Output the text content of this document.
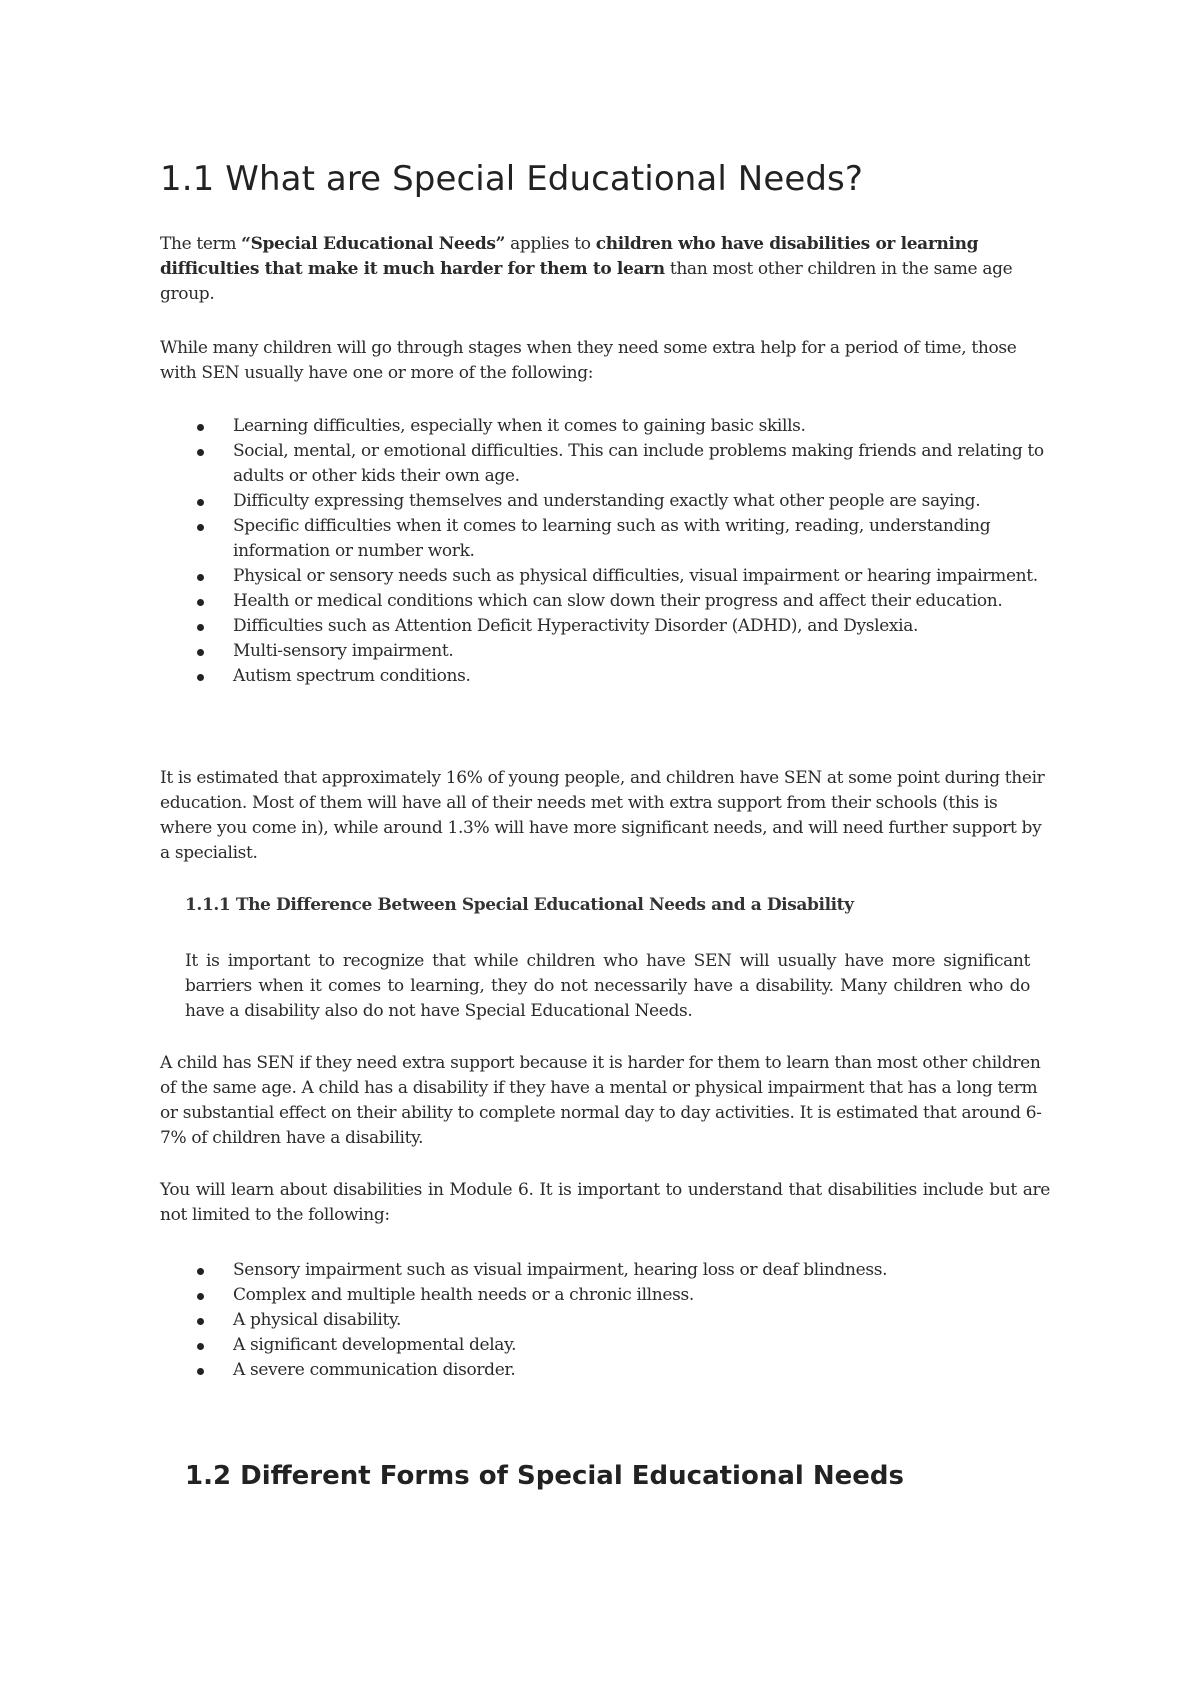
1.1 What are Special Educational Needs?

The term “Special Educational Needs” applies to children who have disabilities or learning difficulties that make it much harder for them to learn than most other children in the same age group.

While many children will go through stages when they need some extra help for a period of time, those with SEN usually have one or more of the following:

Learning difficulties, especially when it comes to gaining basic skills.
Social, mental, or emotional difficulties. This can include problems making friends and relating to adults or other kids their own age.
Difficulty expressing themselves and understanding exactly what other people are saying.
Specific difficulties when it comes to learning such as with writing, reading, understanding information or number work.
Physical or sensory needs such as physical difficulties, visual impairment or hearing impairment.
Health or medical conditions which can slow down their progress and affect their education.
Difficulties such as Attention Deficit Hyperactivity Disorder (ADHD), and Dyslexia.
Multi-sensory impairment.
Autism spectrum conditions.

It is estimated that approximately 16% of young people, and children have SEN at some point during their education. Most of them will have all of their needs met with extra support from their schools (this is where you come in), while around 1.3% will have more significant needs, and will need further support by a specialist.

1.1.1 The Difference Between Special Educational Needs and a Disability

It is important to recognize that while children who have SEN will usually have more significant barriers when it comes to learning, they do not necessarily have a disability. Many children who do have a disability also do not have Special Educational Needs.

A child has SEN if they need extra support because it is harder for them to learn than most other children of the same age. A child has a disability if they have a mental or physical impairment that has a long term or substantial effect on their ability to complete normal day to day activities. It is estimated that around 6-7% of children have a disability.

You will learn about disabilities in Module 6. It is important to understand that disabilities include but are not limited to the following:

Sensory impairment such as visual impairment, hearing loss or deaf blindness.
Complex and multiple health needs or a chronic illness.
A physical disability.
A significant developmental delay.
A severe communication disorder.
1.2 Different Forms of Special Educational Needs
